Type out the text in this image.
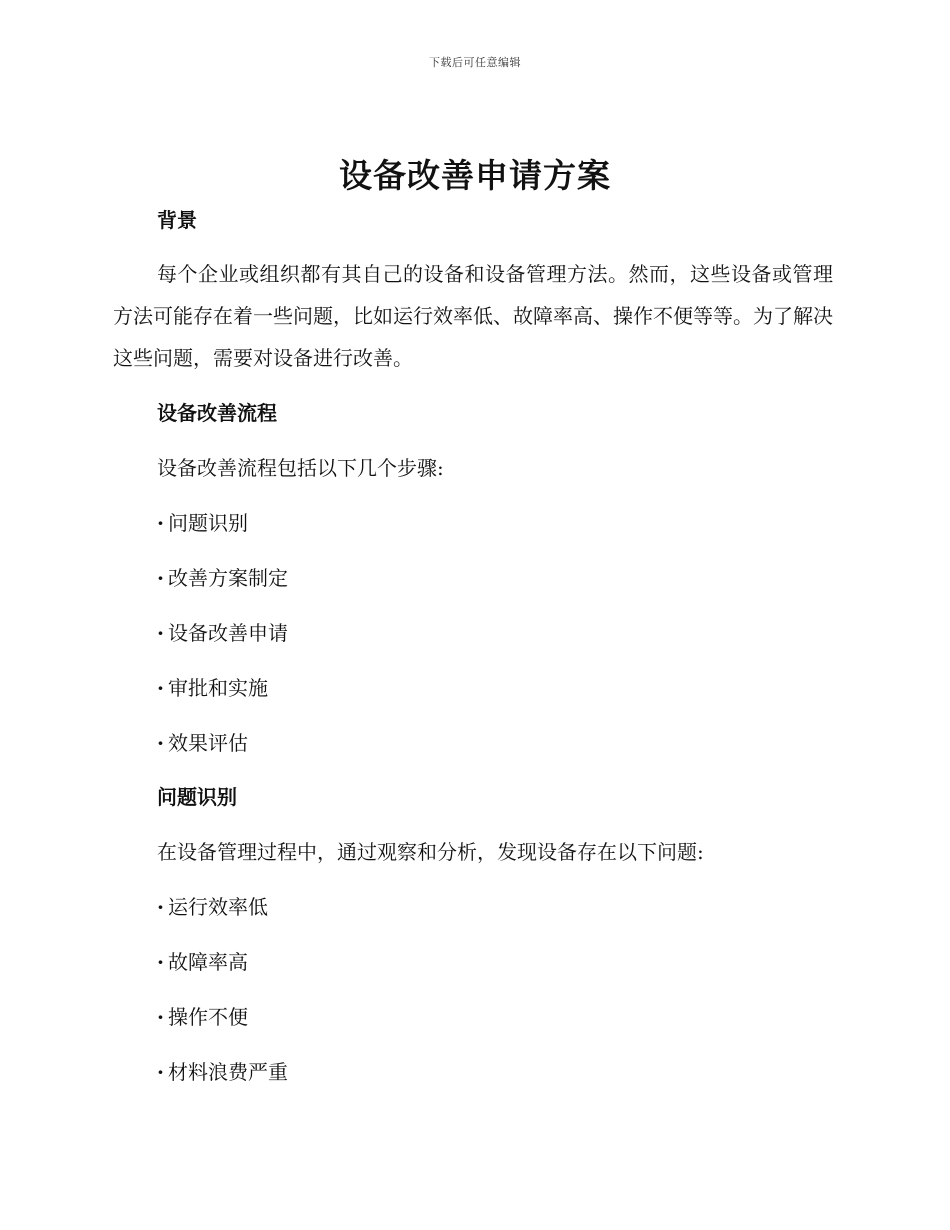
下载后可任意编辑
设备改善申请方案
背景
每个企业或组织都有其自己的设备和设备管理方法。然而，这些设备或管理方法可能存在着一些问题，比如运行效率低、故障率高、操作不便等等。为了解决这些问题，需要对设备进行改善。
设备改善流程
设备改善流程包括以下几个步骤:
· 问题识别
· 改善方案制定
· 设备改善申请
· 审批和实施
· 效果评估
问题识别
在设备管理过程中，通过观察和分析，发现设备存在以下问题:
· 运行效率低
· 故障率高
· 操作不便
· 材料浪费严重
